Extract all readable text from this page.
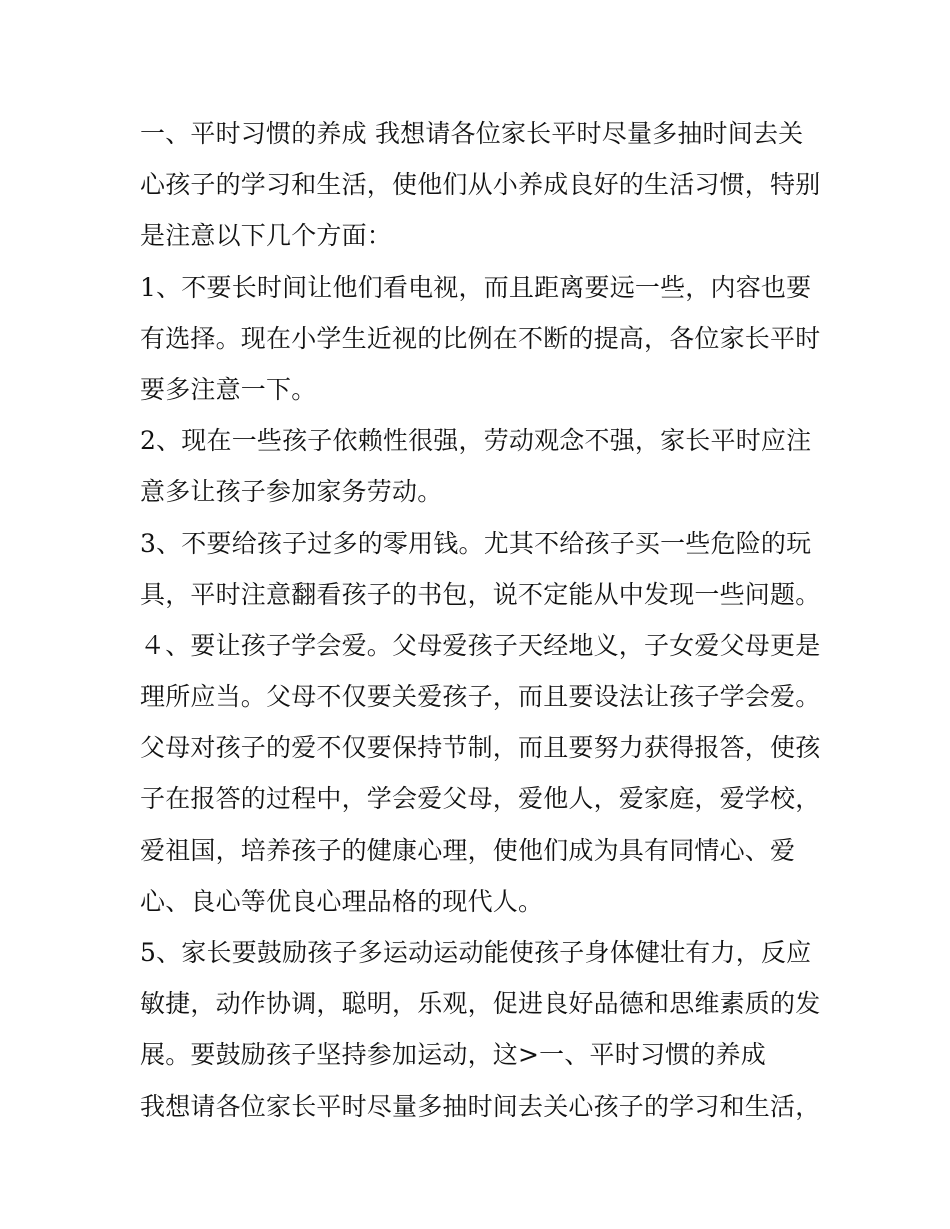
一、平时习惯的养成 我想请各位家长平时尽量多抽时间去关
心孩子的学习和生活，使他们从小养成良好的生活习惯，特别
是注意以下几个方面：
1、不要长时间让他们看电视，而且距离要远一些，内容也要
有选择。现在小学生近视的比例在不断的提高，各位家长平时
要多注意一下。
2、现在一些孩子依赖性很强，劳动观念不强，家长平时应注
意多让孩子参加家务劳动。
3、不要给孩子过多的零用钱。尤其不给孩子买一些危险的玩
具，平时注意翻看孩子的书包，说不定能从中发现一些问题。
４、要让孩子学会爱。父母爱孩子天经地义，子女爱父母更是
理所应当。父母不仅要关爱孩子，而且要设法让孩子学会爱。
父母对孩子的爱不仅要保持节制，而且要努力获得报答，使孩
子在报答的过程中，学会爱父母，爱他人，爱家庭，爱学校，
爱祖国，培养孩子的健康心理，使他们成为具有同情心、爱
心、良心等优良心理品格的现代人。
5、家长要鼓励孩子多运动运动能使孩子身体健壮有力，反应
敏捷，动作协调，聪明，乐观，促进良好品德和思维素质的发
展。要鼓励孩子坚持参加运动，这>一、平时习惯的养成
我想请各位家长平时尽量多抽时间去关心孩子的学习和生活，
